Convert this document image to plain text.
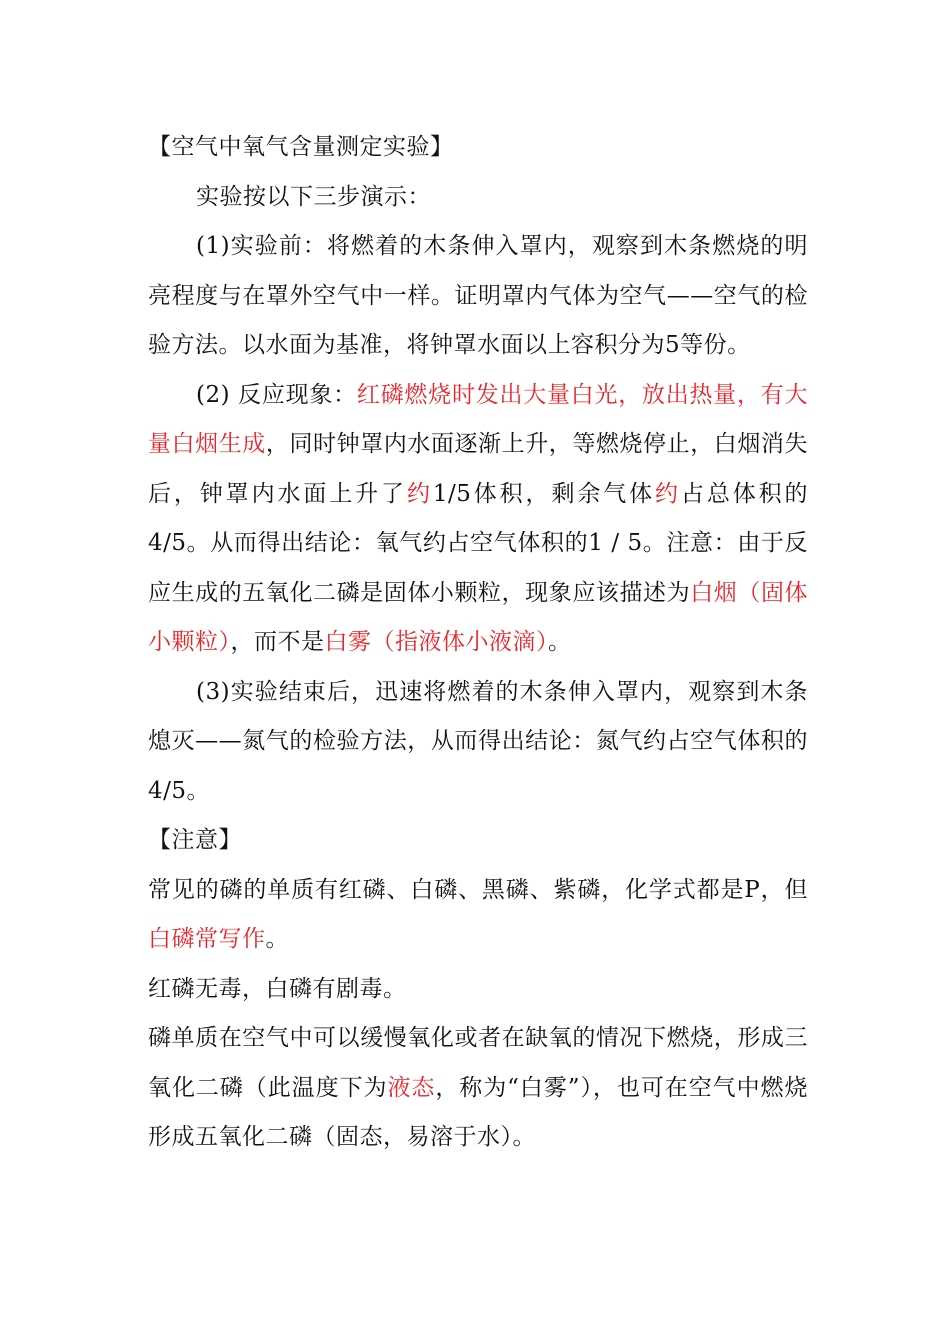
【空气中氧气含量测定实验】

实验按以下三步演示：

(1)实验前：将燃着的木条伸入罩内，观察到木条燃烧的明亮程度与在罩外空气中一样。证明罩内气体为空气——空气的检验方法。以水面为基准，将钟罩水面以上容积分为5等份。

(2) 反应现象：红磷燃烧时发出大量白光，放出热量，有大量白烟生成，同时钟罩内水面逐渐上升，等燃烧停止，白烟消失后，钟罩内水面上升了约1/5体积，剩余气体约占总体积的4/5。从而得出结论：氧气约占空气体积的1 / 5。注意：由于反应生成的五氧化二磷是固体小颗粒，现象应该描述为白烟（固体小颗粒），而不是白雾（指液体小液滴）。

(3)实验结束后，迅速将燃着的木条伸入罩内，观察到木条熄灭——氮气的检验方法，从而得出结论：氮气约占空气体积的4/5。

【注意】

常见的磷的单质有红磷、白磷、黑磷、紫磷，化学式都是P，但白磷常写作。

红磷无毒，白磷有剧毒。

磷单质在空气中可以缓慢氧化或者在缺氧的情况下燃烧，形成三氧化二磷（此温度下为液态，称为“白雾”），也可在空气中燃烧形成五氧化二磷（固态，易溶于水）。
